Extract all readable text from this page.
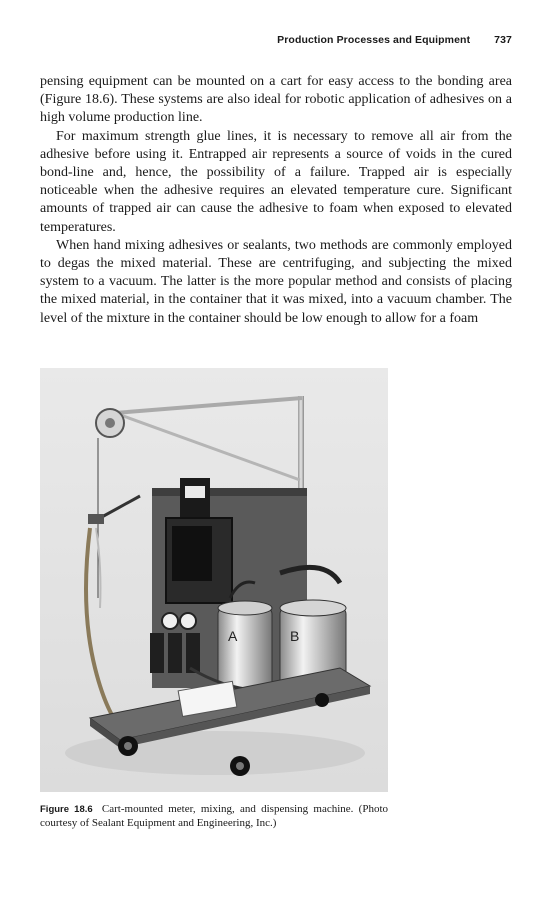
Production Processes and Equipment 737

pensing equipment can be mounted on a cart for easy access to the bonding area (Figure 18.6). These systems are also ideal for robotic application of adhesives on a high volume production line.

For maximum strength glue lines, it is necessary to remove all air from the adhesive before using it. Entrapped air represents a source of voids in the cured bond-line and, hence, the possibility of a failure. Trapped air is especially noticeable when the adhesive requires an elevated temperature cure. Significant amounts of trapped air can cause the adhesive to foam when exposed to elevated temperatures.

When hand mixing adhesives or sealants, two methods are commonly employed to degas the mixed material. These are centrifuging, and subjecting the mixed system to a vacuum. The latter is the more popular method and consists of placing the mixed material, in the container that it was mixed, into a vacuum chamber. The level of the mixture in the container should be low enough to allow for a foam

A	B
Figure 18.6 Cart-mounted meter, mixing, and dispensing machine. (Photo courtesy of Sealant Equipment and Engineering, Inc.)
